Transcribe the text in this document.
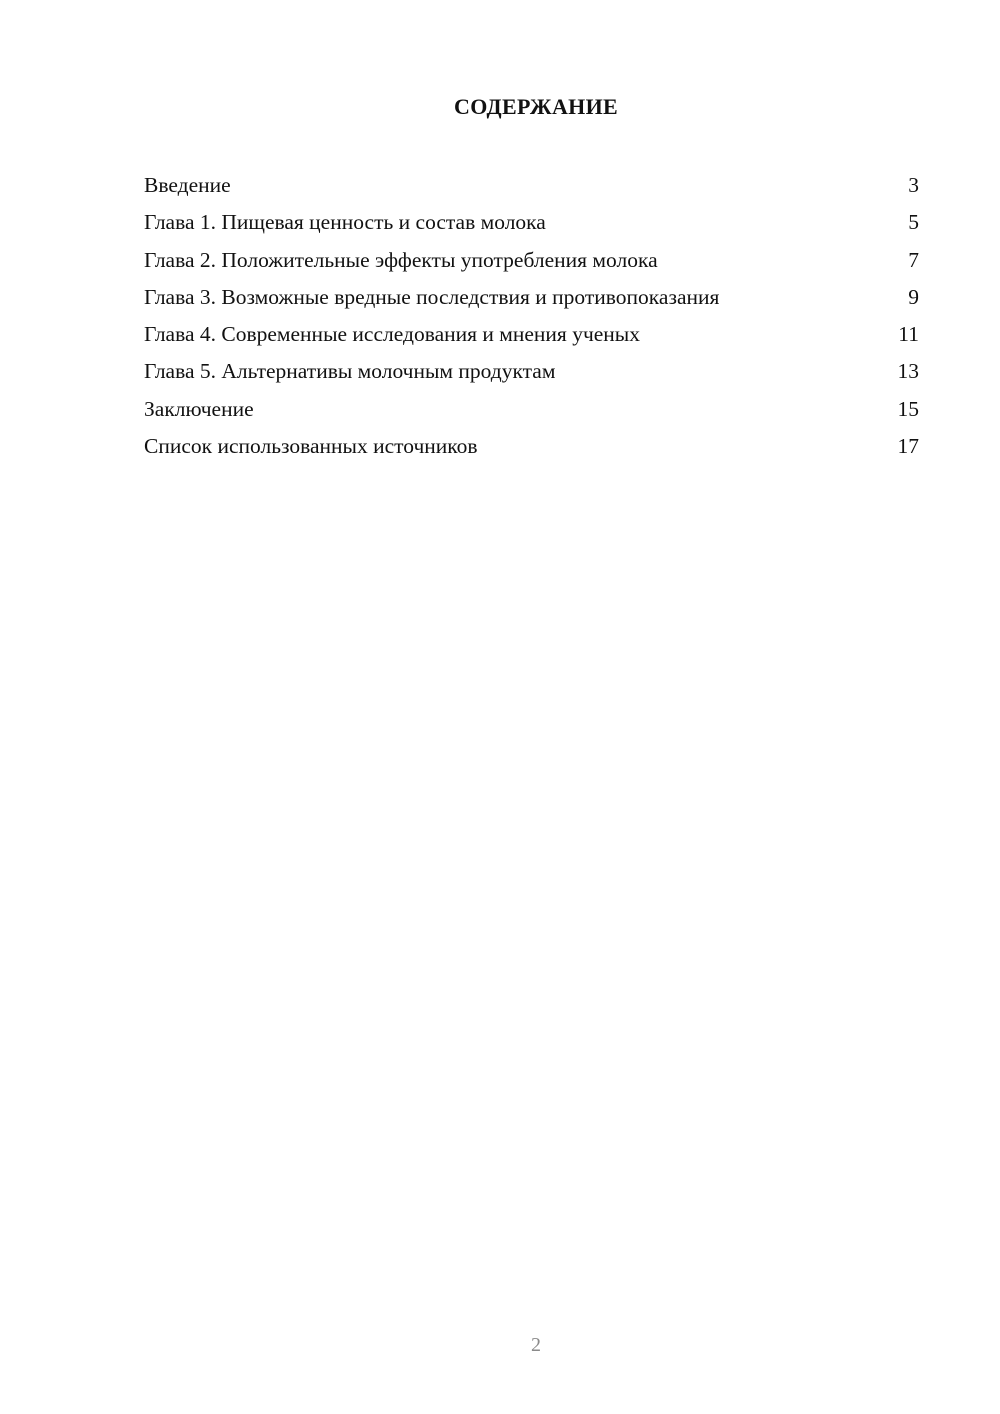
СОДЕРЖАНИЕ
Введение	3
Глава 1. Пищевая ценность и состав молока	5
Глава 2. Положительные эффекты употребления молока	7
Глава 3. Возможные вредные последствия и противопоказания	9
Глава 4. Современные исследования и мнения ученых	11
Глава 5. Альтернативы молочным продуктам	13
Заключение	15
Список использованных источников	17
2
